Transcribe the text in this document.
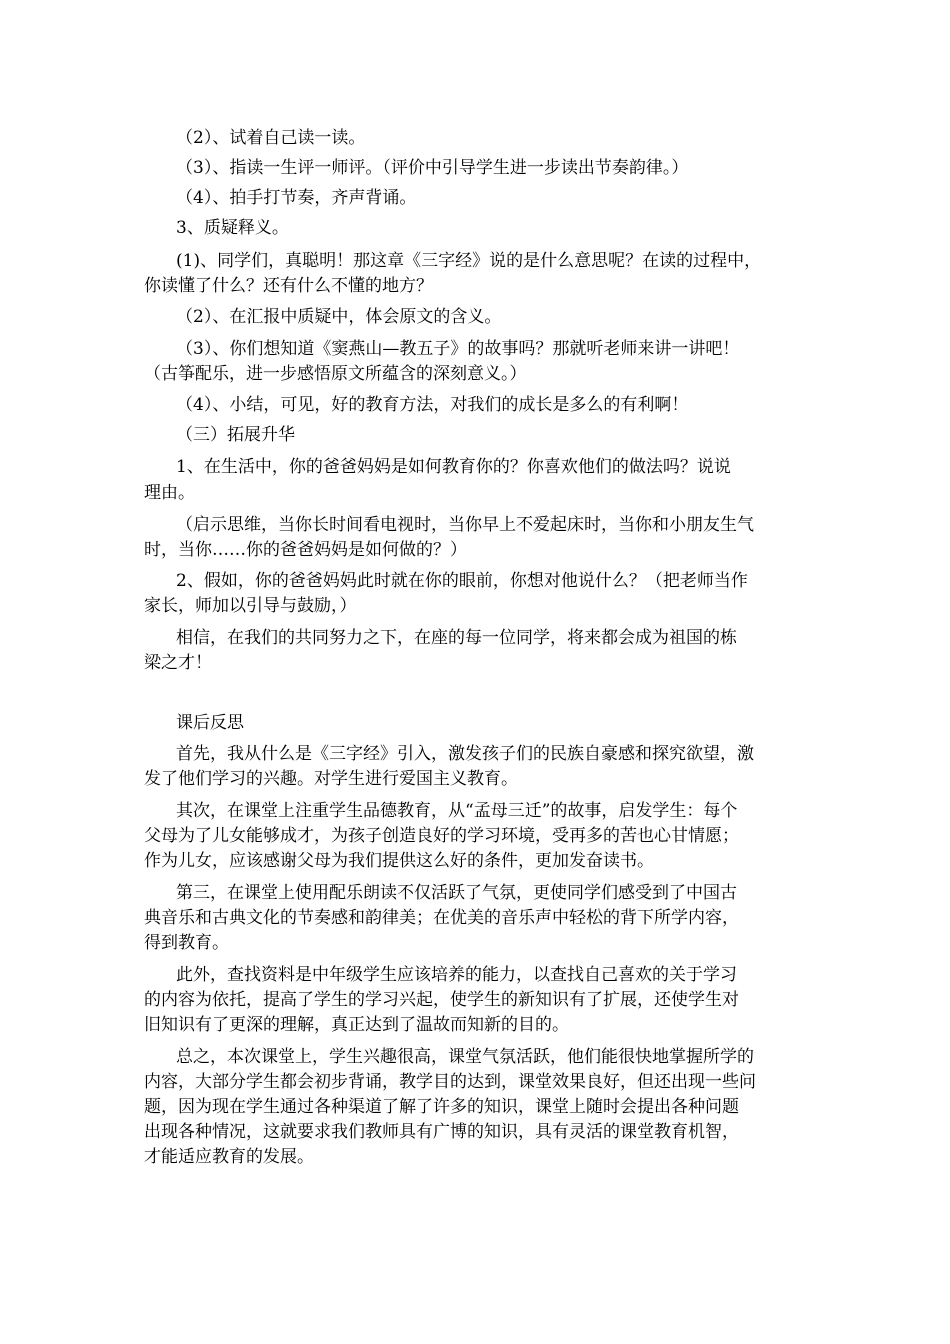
（2）、试着自己读一读。
（3）、指读一生评一师评。（评价中引导学生进一步读出节奏韵律。）
（4）、拍手打节奏，齐声背诵。
3、质疑释义。
(1)、同学们，真聪明！那这章《三字经》说的是什么意思呢？在读的过程中，
你读懂了什么？还有什么不懂的地方？
（2）、在汇报中质疑中，体会原文的含义。
（3）、你们想知道《窦燕山—教五子》的故事吗？那就听老师来讲一讲吧！
（古筝配乐，进一步感悟原文所蕴含的深刻意义。）
（4）、小结，可见，好的教育方法，对我们的成长是多么的有利啊！
（三）拓展升华
1、在生活中，你的爸爸妈妈是如何教育你的？你喜欢他们的做法吗？说说
理由。
（启示思维，当你长时间看电视时，当你早上不爱起床时，当你和小朋友生气
时，当你……你的爸爸妈妈是如何做的？）
2、假如，你的爸爸妈妈此时就在你的眼前，你想对他说什么？（把老师当作
家长，师加以引导与鼓励，）
相信，在我们的共同努力之下，在座的每一位同学，将来都会成为祖国的栋
梁之才！
课后反思
首先，我从什么是《三字经》引入，激发孩子们的民族自豪感和探究欲望，激
发了他们学习的兴趣。对学生进行爱国主义教育。
其次，在课堂上注重学生品德教育，从“孟母三迁”的故事，启发学生：每个
父母为了儿女能够成才，为孩子创造良好的学习环境，受再多的苦也心甘情愿；
作为儿女，应该感谢父母为我们提供这么好的条件，更加发奋读书。
第三，在课堂上使用配乐朗读不仅活跃了气氛，更使同学们感受到了中国古
典音乐和古典文化的节奏感和韵律美；在优美的音乐声中轻松的背下所学内容，
得到教育。
此外，查找资料是中年级学生应该培养的能力，以查找自己喜欢的关于学习
的内容为依托，提高了学生的学习兴起，使学生的新知识有了扩展，还使学生对
旧知识有了更深的理解，真正达到了温故而知新的目的。
总之，本次课堂上，学生兴趣很高，课堂气氛活跃，他们能很快地掌握所学的
内容，大部分学生都会初步背诵，教学目的达到，课堂效果良好，但还出现一些问
题，因为现在学生通过各种渠道了解了许多的知识，课堂上随时会提出各种问题
出现各种情况，这就要求我们教师具有广博的知识，具有灵活的课堂教育机智，
才能适应教育的发展。
